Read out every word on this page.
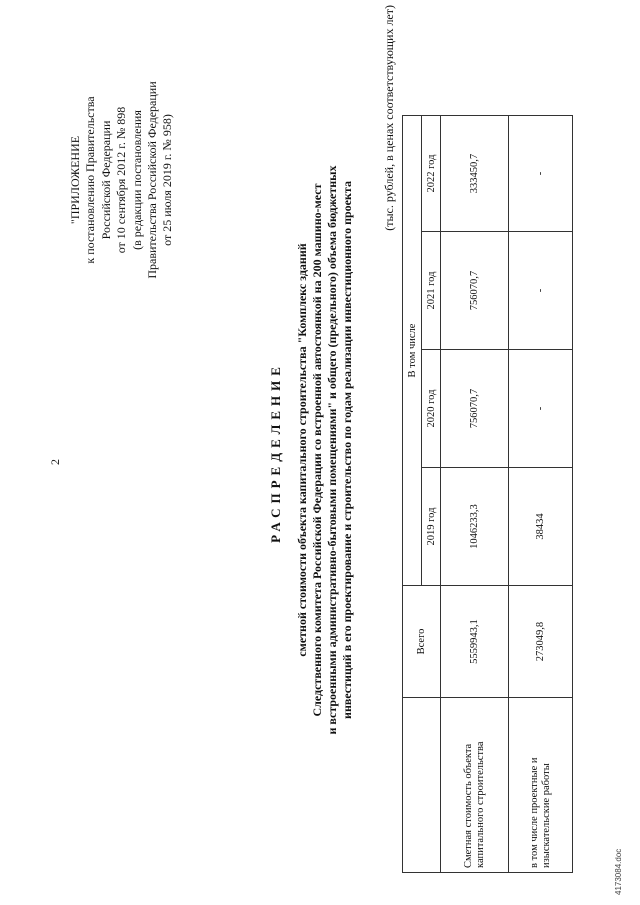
2
"ПРИЛОЖЕНИЕ к постановлению Правительства Российской Федерации от 10 сентября 2012 г. № 898 (в редакции постановления Правительства Российской Федерации от 25 июля 2019 г. № 958)
РАСПРЕДЕЛЕНИЕ сметной стоимости объекта капитального строительства "Комплекс зданий Следственного комитета Российской Федерации со встроенной автостоянкой на 200 машино-мест и встроенными административно-бытовыми помещениями" и общего (предельного) объема бюджетных инвестиций в его проектирование и строительство по годам реализации инвестиционного проекта
(тыс. рублей, в ценах соответствующих лет)
	Всего	В том числе			
		2019 год	2020 год	2021 год	2022 год
Сметная стоимость объекта капитального строительства	5559943,1	1046233,3	756070,7	756070,7	333450,7
в том числе проектные и изыскательские работы	273049,8	38434	-	-	-
4173084.doc
